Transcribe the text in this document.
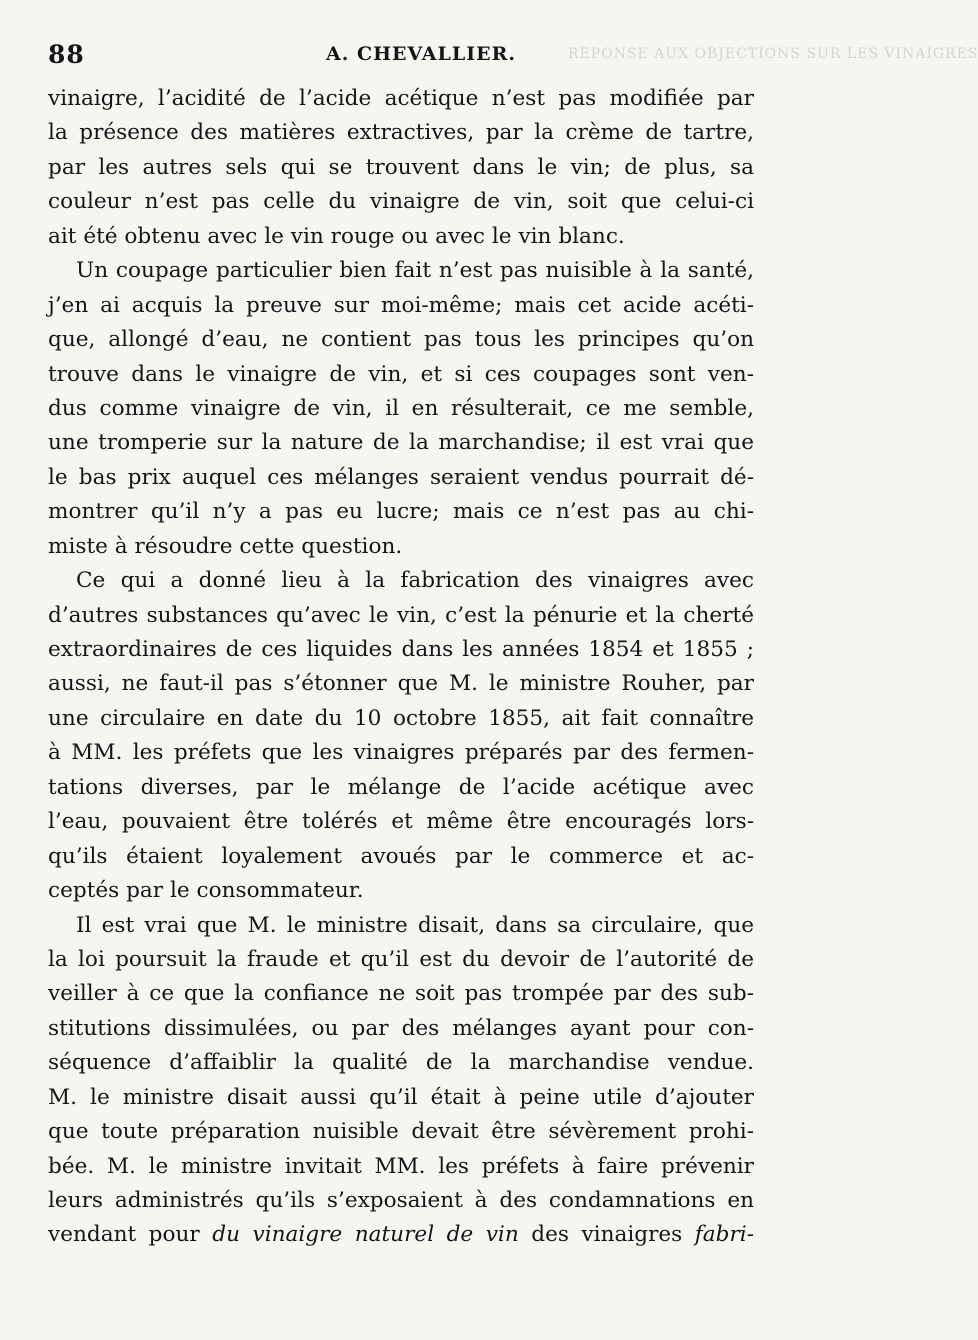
88	A. CHEVALLIER.	REPONSE AUX OBJECTIONS SUR LES VINAIGRES
vinaigre, l’acidité de l’acide acétique n’est pas modifiée par
la présence des matières extractives, par la crème de tartre,
par les autres sels qui se trouvent dans le vin; de plus, sa
couleur n’est pas celle du vinaigre de vin, soit que celui-ci
ait été obtenu avec le vin rouge ou avec le vin blanc.
Un coupage particulier bien fait n’est pas nuisible à la santé,
j’en ai acquis la preuve sur moi-même; mais cet acide acéti-
que, allongé d’eau, ne contient pas tous les principes qu’on
trouve dans le vinaigre de vin, et si ces coupages sont ven-
dus comme vinaigre de vin, il en résulterait, ce me semble,
une tromperie sur la nature de la marchandise; il est vrai que
le bas prix auquel ces mélanges seraient vendus pourrait dé-
montrer qu’il n’y a pas eu lucre; mais ce n’est pas au chi-
miste à résoudre cette question.
Ce qui a donné lieu à la fabrication des vinaigres avec
d’autres substances qu’avec le vin, c’est la pénurie et la cherté
extraordinaires de ces liquides dans les années 1854 et 1855 ;
aussi, ne faut-il pas s’étonner que M. le ministre Rouher, par
une circulaire en date du 10 octobre 1855, ait fait connaître
à MM. les préfets que les vinaigres préparés par des fermen-
tations diverses, par le mélange de l’acide acétique avec
l’eau, pouvaient être tolérés et même être encouragés lors-
qu’ils étaient loyalement avoués par le commerce et ac-
ceptés par le consommateur.
Il est vrai que M. le ministre disait, dans sa circulaire, que
la loi poursuit la fraude et qu’il est du devoir de l’autorité de
veiller à ce que la confiance ne soit pas trompée par des sub-
stitutions dissimulées, ou par des mélanges ayant pour con-
séquence d’affaiblir la qualité de la marchandise vendue.
M. le ministre disait aussi qu’il était à peine utile d’ajouter
que toute préparation nuisible devait être sévèrement prohi-
bée. M. le ministre invitait MM. les préfets à faire prévenir
leurs administrés qu’ils s’exposaient à des condamnations en
vendant pour du vinaigre naturel de vin des vinaigres fabri-
